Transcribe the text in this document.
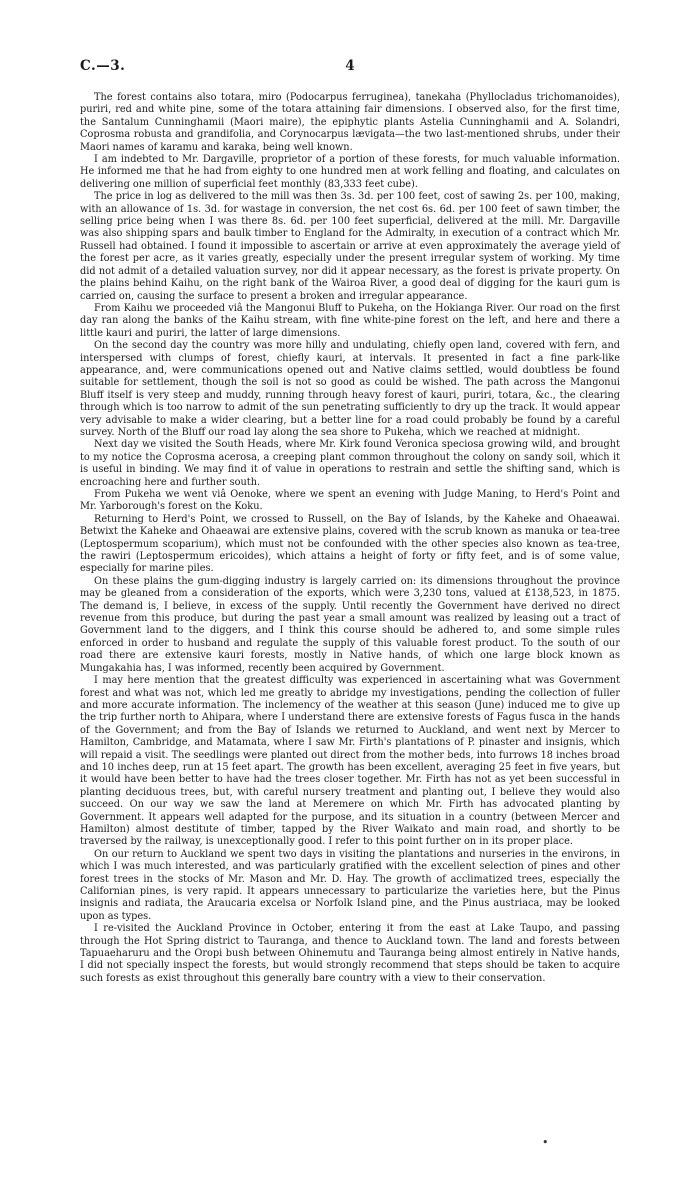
C.—3.	4

The forest contains also totara, miro (Podocarpus ferruginea), tanekaha (Phyllocladus trichomanoides), puriri, red and white pine, some of the totara attaining fair dimensions. I observed also, for the first time, the Santalum Cunninghamii (Maori maire), the epiphytic plants Astelia Cunninghamii and A. Solandri, Coprosma robusta and grandifolia, and Corynocarpus lævigata—the two last-mentioned shrubs, under their Maori names of karamu and karaka, being well known.

I am indebted to Mr. Dargaville, proprietor of a portion of these forests, for much valuable information. He informed me that he had from eighty to one hundred men at work felling and floating, and calculates on delivering one million of superficial feet monthly (83,333 feet cube).

The price in log as delivered to the mill was then 3s. 3d. per 100 feet, cost of sawing 2s. per 100, making, with an allowance of 1s. 3d. for wastage in conversion, the net cost 6s. 6d. per 100 feet of sawn timber, the selling price being when I was there 8s. 6d. per 100 feet superficial, delivered at the mill. Mr. Dargaville was also shipping spars and baulk timber to England for the Admiralty, in execution of a contract which Mr. Russell had obtained. I found it impossible to ascertain or arrive at even approximately the average yield of the forest per acre, as it varies greatly, especially under the present irregular system of working. My time did not admit of a detailed valuation survey, nor did it appear necessary, as the forest is private property. On the plains behind Kaihu, on the right bank of the Wairoa River, a good deal of digging for the kauri gum is carried on, causing the surface to present a broken and irregular appearance.

From Kaihu we proceeded viâ the Mangonui Bluff to Pukeha, on the Hokianga River. Our road on the first day ran along the banks of the Kaihu stream, with fine white-pine forest on the left, and here and there a little kauri and puriri, the latter of large dimensions.

On the second day the country was more hilly and undulating, chiefly open land, covered with fern, and interspersed with clumps of forest, chiefly kauri, at intervals. It presented in fact a fine park-like appearance, and, were communications opened out and Native claims settled, would doubtless be found suitable for settlement, though the soil is not so good as could be wished. The path across the Mangonui Bluff itself is very steep and muddy, running through heavy forest of kauri, puriri, totara, &c., the clearing through which is too narrow to admit of the sun penetrating sufficiently to dry up the track. It would appear very advisable to make a wider clearing, but a better line for a road could probably be found by a careful survey. North of the Bluff our road lay along the sea shore to Pukeha, which we reached at midnight.

Next day we visited the South Heads, where Mr. Kirk found Veronica speciosa growing wild, and brought to my notice the Coprosma acerosa, a creeping plant common throughout the colony on sandy soil, which it is useful in binding. We may find it of value in operations to restrain and settle the shifting sand, which is encroaching here and further south.

From Pukeha we went viâ Oenoke, where we spent an evening with Judge Maning, to Herd's Point and Mr. Yarborough's forest on the Koku.

Returning to Herd's Point, we crossed to Russell, on the Bay of Islands, by the Kaheke and Ohaeawai. Betwixt the Kaheke and Ohaeawai are extensive plains, covered with the scrub known as manuka or tea-tree (Leptospermum scoparium), which must not be confounded with the other species also known as tea-tree, the rawiri (Leptospermum ericoides), which attains a height of forty or fifty feet, and is of some value, especially for marine piles.

On these plains the gum-digging industry is largely carried on: its dimensions throughout the province may be gleaned from a consideration of the exports, which were 3,230 tons, valued at £138,523, in 1875. The demand is, I believe, in excess of the supply. Until recently the Government have derived no direct revenue from this produce, but during the past year a small amount was realized by leasing out a tract of Government land to the diggers, and I think this course should be adhered to, and some simple rules enforced in order to husband and regulate the supply of this valuable forest product. To the south of our road there are extensive kauri forests, mostly in Native hands, of which one large block known as Mungakahia has, I was informed, recently been acquired by Government.

I may here mention that the greatest difficulty was experienced in ascertaining what was Government forest and what was not, which led me greatly to abridge my investigations, pending the collection of fuller and more accurate information. The inclemency of the weather at this season (June) induced me to give up the trip further north to Ahipara, where I understand there are extensive forests of Fagus fusca in the hands of the Government; and from the Bay of Islands we returned to Auckland, and went next by Mercer to Hamilton, Cambridge, and Matamata, where I saw Mr. Firth's plantations of P. pinaster and insignis, which will repaid a visit. The seedlings were planted out direct from the mother beds, into furrows 18 inches broad and 10 inches deep, run at 15 feet apart. The growth has been excellent, averaging 25 feet in five years, but it would have been better to have had the trees closer together. Mr. Firth has not as yet been successful in planting deciduous trees, but, with careful nursery treatment and planting out, I believe they would also succeed. On our way we saw the land at Meremere on which Mr. Firth has advocated planting by Government. It appears well adapted for the purpose, and its situation in a country (between Mercer and Hamilton) almost destitute of timber, tapped by the River Waikato and main road, and shortly to be traversed by the railway, is unexceptionally good. I refer to this point further on in its proper place.

On our return to Auckland we spent two days in visiting the plantations and nurseries in the environs, in which I was much interested, and was particularly gratified with the excellent selection of pines and other forest trees in the stocks of Mr. Mason and Mr. D. Hay. The growth of acclimatized trees, especially the Californian pines, is very rapid. It appears unnecessary to particularize the varieties here, but the Pinus insignis and radiata, the Araucaria excelsa or Norfolk Island pine, and the Pinus austriaca, may be looked upon as types.

I re-visited the Auckland Province in October, entering it from the east at Lake Taupo, and passing through the Hot Spring district to Tauranga, and thence to Auckland town. The land and forests between Tapuaeharuru and the Oropi bush between Ohinemutu and Tauranga being almost entirely in Native hands, I did not specially inspect the forests, but would strongly recommend that steps should be taken to acquire such forests as exist throughout this generally bare country with a view to their conservation.

•
